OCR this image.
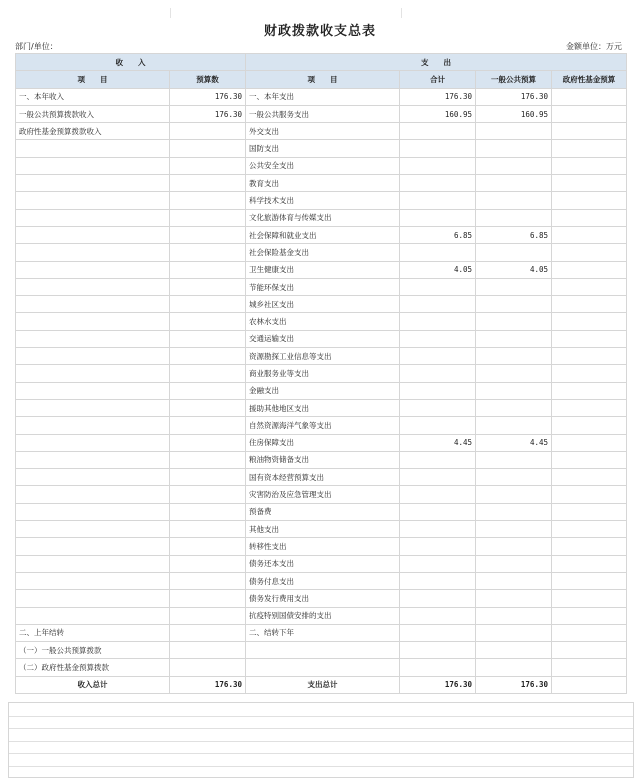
财政拨款收支总表
部门/单位：	金额单位：万元
收　　入		支　　出			
项　　目	预算数	项　　目	合计	一般公共预算	政府性基金预算
一、本年收入	176.30	一、本年支出	176.30	176.30	
一般公共预算拨款收入	176.30	一般公共服务支出	160.95	160.95	
政府性基金预算拨款收入		外交支出			
		国防支出			
		公共安全支出			
		教育支出			
		科学技术支出			
		文化旅游体育与传媒支出			
		社会保障和就业支出	6.85	6.85	
		社会保险基金支出			
		卫生健康支出	4.05	4.05	
		节能环保支出			
		城乡社区支出			
		农林水支出			
		交通运输支出			
		资源勘探工业信息等支出			
		商业服务业等支出			
		金融支出			
		援助其他地区支出			
		自然资源海洋气象等支出			
		住房保障支出	4.45	4.45	
		粮油物资储备支出			
		国有资本经营预算支出			
		灾害防治及应急管理支出			
		预备费			
		其他支出			
		转移性支出			
		债务还本支出			
		债务付息支出			
		债务发行费用支出			
		抗疫特别国债安排的支出			
二、上年结转		二、结转下年			
（一）一般公共预算拨款					
（二）政府性基金预算拨款					
收入总计	176.30	支出总计	176.30	176.30	
